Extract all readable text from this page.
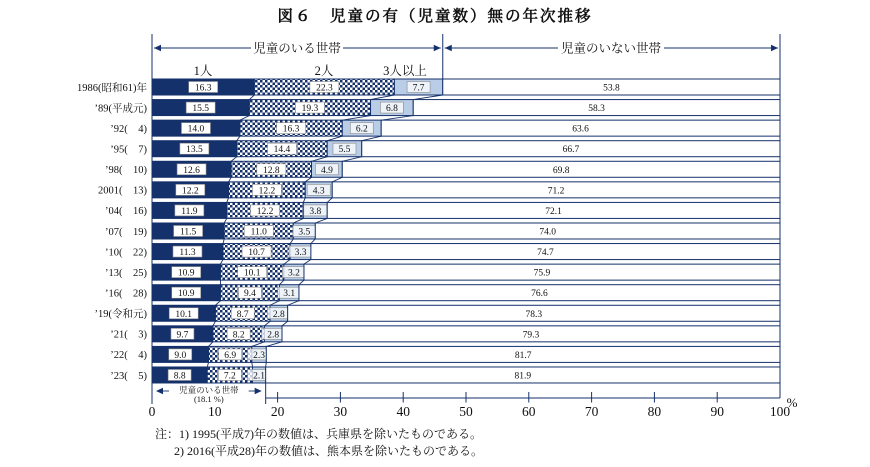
図６　児童の有（児童数）無の年次推移
児童のいる世帯	児童のいない世帯
1人	2人	3人以上
1986(昭和61)年	16.3	22.3	7.7	53.8
’89(平成元)	15.5	19.3	6.8	58.3
’92(　4)	14.0	16.3	6.2	63.6
’95(　7)	13.5	14.4	5.5	66.7
’98(　10)	12.6	12.8	4.9	69.8
2001(　13)	12.2	12.2	4.3	71.2
’04(　16)	11.9	12.2	3.8	72.1
’07(　19)	11.5	11.0	3.5	74.0
’10(　22)	11.3	10.7	3.3	74.7
’13(　25)	10.9	10.1	3.2	75.9
’16(　28)	10.9	9.4	3.1	76.6
’19(令和元)	10.1	8.7	2.8	78.3
’21(　3)	9.7	8.2 2.8	79.3
’22(　4)	9.0	6.9 2.3	81.7
’23(　5)	8.8	7.2 2.1	81.9
児童のいる世帯
(18.1 %)
0	10	20	30	40	50	60	70	80	90	100
%
注：1) 1995(平成7)年の数値は、兵庫県を除いたものである。
2) 2016(平成28)年の数値は、熊本県を除いたものである。
